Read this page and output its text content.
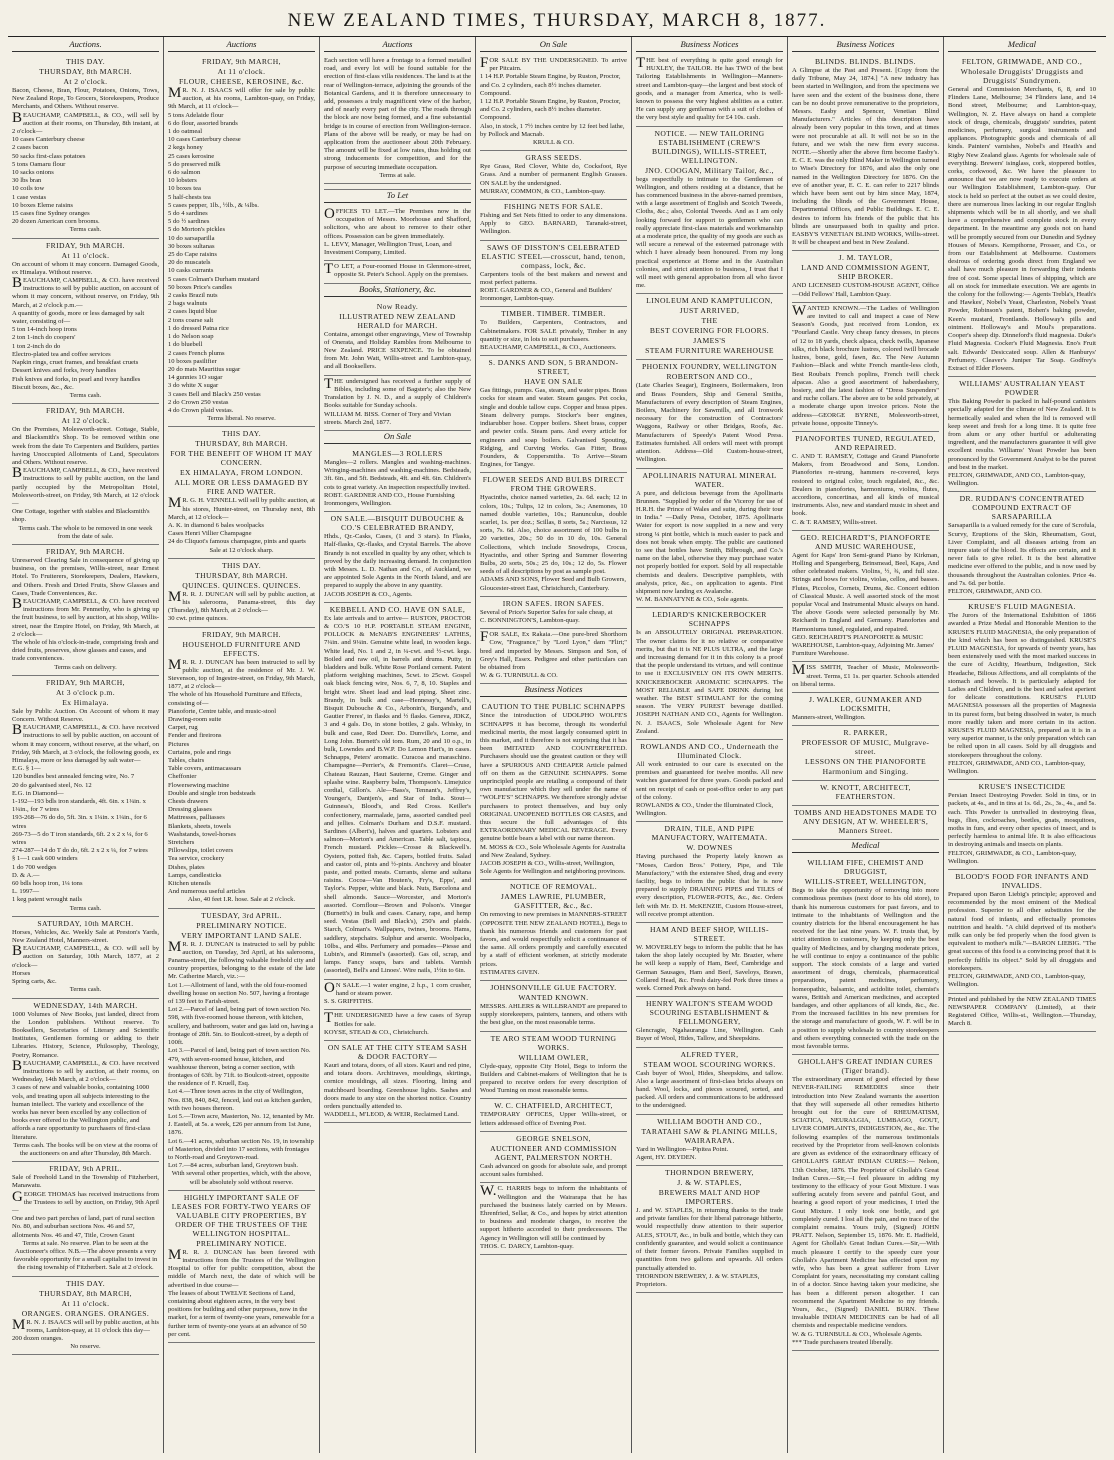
NEW ZEALAND TIMES, THURSDAY, MARCH 8, 1877.
Auctions.
THIS DAY.
THURSDAY, 8th MARCH.
At 2 o'clock.

Bacon, Cheese, Bran, Flour, Potatoes, Onions, Tows, New Zealand Rope, To Grocers, Storekeepers, Produce Merchants, and Others. Without reserve.

BEAUCHAMP, CAMPBELL, & CO., will sell by auction at their rooms, on Thursday, 8th instant, at 2 o'clock—

10 cases Canterbury cheese
2 cases bacon
50 sacks first-class potatoes
5 tons Oamaru flour
10 sacks onions
30 lbs bran
10 coils tow
1 case vestas
10 boxes Eleme raisins
15 cases fine Sydney oranges
20 dozen American corn brooms.
Terms cash.
FRIDAY, 9th MARCH.
At 11 o'clock.

On account of whom it may concern. Damaged Goods, ex Himalaya. Without reserve.

BEAUCHAMP, CAMPBELL, & CO. have received instructions to sell by public auction, on account of whom it may concern, without reserve, on Friday, 9th March, at 2 o'clock p.m.—

A quantity of goods, more or less damaged by salt water, consisting of—
5 ton 14-inch hoop irons
2 ton 1-inch do coopers'
1 ton 2-inch do do
Electro-plated tea and coffee services
Napkin rings, cruet frames, and breakfast cruets
Dessert knives and forks, ivory handles
Fish knives and forks, in pearl and ivory handles
Biscuit boxes, &c., &c.
Terms cash.
FRIDAY, 9th MARCH.
At 12 o'clock.

On the Premises, Molesworth-street. Cottage, Stable, and Blacksmith's Shop. To be removed within one week from the date To Carpenters and Builders, parties having Unoccupied Allotments of Land, Speculators and Others. Without reserve.

BEAUCHAMP, CAMPBELL, & CO., have received instructions to sell by public auction, on the land partly occupied by the Metropolitan Hotel, Molesworth-street, on Friday, 9th March, at 12 o'clock—

One Cottage, together with stables and Blacksmith's shop.
Terms cash. The whole to be removed in one week from the date of sale.
FRIDAY, 9th MARCH.

Unreserved Clearing Sale in consequence of giving up business, on the premises, Willis-street, near Ernest Hotel. To Fruiterers, Storekeepers, Dealers, Hawkers, and Others. Fresh and Dried Fruits, Show Glasses and Cases, Trade Conveniences, &c.

BEAUCHAMP, CAMPBELL, & CO. have received instructions from Mr. Penmethy, who is giving up the fruit business, to sell by auction, at his shop, Willis-street, near the Empire Hotel, on Friday, 9th March, at 2 o'clock—

The whole of his o'clock-in-trade, comprising fresh and dried fruits, preserves, show glasses and cases, and trade conveniences.
Terms cash on delivery.
FRIDAY, 9th MARCH,
At 3 o'clock p.m.
Ex Himalaya.

Sale by Public Auction. On Account of whom it may Concern. Without Reserve.

BEAUCHAMP, CAMPBELL, & CO. have received instructions to sell by public auction, on account of whom it may concern, without reserve, at the wharf, on Friday, 9th March, at 3 o'clock, the following goods, ex Himalaya, more or less damaged by salt water—

E.G. § 1—
120 bundles best annealed fencing wire, No. 7
20 do galvanised steel, No. 12
E.G. in Diamond—
1-192—193 bdls iron standards, 4ft. 6in. x 1¼in. x 1¼in., for 7 wires
193-268—76 do do, 5ft. 3in. x 1¼in. x 1¼in., for 6 wires
269-73—5 do T iron standards, 6ft. 2 x 2 x ¼, for 6 wires
274-287—14 do T do do, 6ft. 2 x 2 x ¼, for 7 wires
§ 1—1 cask 600 winders
1 do 700 wedges
D. & A.—
60 bdls hoop iron, 1¼ tons
L. 1997—
1 keg patent wrought nails
Terms cash.
SATURDAY, 10th MARCH.

Horses, Vehicles, &c. Weekly Sale at Preston's Yards, New Zealand Hotel, Manners-street.

BEAUCHAMP, CAMPBELL, & CO. will sell by auction on Saturday, 10th March, 1877, at 2 o'clock—

Horses
Spring carts, &c.
Terms cash.
WEDNESDAY, 14th MARCH.

1000 Volumes of New Books, just landed, direct from the London publishers. Without reserve. To Booksellers, Secretaries of Literary and Scientific Institutes, Gentlemen forming or adding to their Libraries. History, Science, Philosophy, Theology, Poetry, Romance.

BEAUCHAMP, CAMPBELL, & CO. have received instructions to sell by auction, at their rooms, on Wednesday, 14th March, at 2 o'clock—

3 cases of new and valuable books, containing 1000 vols, and treating upon all subjects interesting to the human intellect. The variety and excellence of the works has never been excelled by any collection of books ever offered to the Wellington public, and affords a rare opportunity to purchasers of first-class literature.
Terms cash. The books will be on view at the rooms of the auctioneers on and after Thursday, 8th March.
FRIDAY, 9th APRIL.

Sale of Freehold Land in the Township of Fitzherbert, Manawatu.

GEORGE THOMAS has received instructions from the Trustees to sell by auction, on Friday, 9th April—

One and two part perches of land, part of rural section No. 80, and suburban sections Nos. 46 and 57, allotments Nos. 46 and 47, Title, Crown Grant
Terms at sale. No reserve. Plan to be seen at the Auctioneer's office. N.B.—The above presents a very favorable opportunity for a small capitalist to invest in the rising township of Fitzherbert. Sale at 2 o'clock.
THIS DAY.
THURSDAY, 8th MARCH,
At 11 o'clock.
ORANGES. ORANGES. ORANGES.

MR. N. J. ISAACS will sell by public auction, at his rooms, Lambton-quay, at 11 o'clock this day—

200 dozen oranges.
No reserve.
Auctions
FRIDAY, 9th MARCH,
At 11 o'clock.
FLOUR, CHEESE, KEROSINE, &c.

MR. N. J. ISAACS will offer for sale by public auction, at his rooms, Lambton-quay, on Friday, 9th March, at 11 o'clock—

5 tons Adelaide flour
6 do flour, assorted brands
1 do oatmeal
10 cases Canterbury cheese
2 kegs honey
25 cases kerosine
5 do preserved milk
6 do salmon
10 lobsters
10 boxes tea
5 half-chests tea
5 cases pepper, 1lb., ½lb., & ¼lbs.
5 do 4 sardines
5 do ½ sardines
5 do Morton's pickles
10 do sarsaparilla
30 boxes sultanas
25 do Cape raisins
20 do muscatels
10 casks currants
5 cases Colman's Durham mustard
50 boxes Price's candles
2 casks Brazil nuts
2 bags walnuts
2 cases liquid blue
2 tons coarse salt
1 do dressed Patna rice
1 do Nelson soap
1 do bluebell
2 cases French plums
10 boxes pasilifier
20 do mats Mauritius sugar
14 gunnies 1O sugar
3 do white X sugar
3 cases Bell and Black's 250 vestas
2 do Crown 250 vestas
4 do Crown plaid vestas.
Terms liberal. No reserve.
THIS DAY.
THURSDAY, 8th MARCH.
FOR THE BENEFIT OF WHOM IT MAY CONCERN.
EX HIMALAYA, FROM LONDON.
ALL MORE OR LESS DAMAGED BY FIRE AND WATER.

MR. G. H. VENNELL will sell by public auction, at his stores, Hunter-street, on Thursday next, 8th March, at 12 o'clock—

A. K. in diamond 6 bales woolpacks
Cases Henri Villier Champagne
24 do Cliquot's famous champagne, pints and quarts
Sale at 12 o'clock sharp.
THIS DAY.
THURSDAY, 8th MARCH.
QUINCES. QUINCES. QUINCES.

MR. R. J. DUNCAN will sell by public auction, at his salerooms, Panama-street, this day (Thursday), 8th March, at 2 o'clock—

30 cwt. prime quinces.
FRIDAY, 9th MARCH.
HOUSEHOLD FURNITURE AND EFFECTS.

MR. R. J. DUNCAN has been instructed to sell by public auction, at the residence of Mr. J. W. Stevenson, top of Ingestre-street, on Friday, 9th March, 1877, at 2 o'clock—

The whole of his Household Furniture and Effects, consisting of—
Pianoforte, Centre table, and music-stool
Drawing-room suite
Carpet, rug
Fender and fireirons
Pictures
Curtains, pole and rings
Tables, chairs
Table covers, antimacassars
Cheffonier
Flowersewing machine
Double and single iron bedsteads
Chests drawers
Dressing glasses
Mattresses, palliasses
Blankets, sheets, towels
Washstands, towel-horses
Stretchers
Pillowslips, toilet covers
Tea service, crockery
Dishes, plates
Lamps, candlesticks
Kitchen utensils
And numerous useful articles
Also, 40 feet I.R. hose. Sale at 2 o'clock.
TUESDAY, 3rd APRIL.
PRELIMINARY NOTICE.
VERY IMPORTANT LAND SALE.

MR. R. J. DUNCAN is instructed to sell by public auction, on Tuesday, 3rd April, at his salerooms, Panama-street, the following valuable freehold city and country properties, belonging to the estate of the late Mr. Catherine March, viz.:—

Lot 1.—Allotment of land, with the old four-roomed dwelling house on section No. 507, having a frontage of 139 feet to Farish-street.
Lot 2.—Parcel of land, being part of town section No. 598, with five-roomed house thereon, with kitchen, scullery, and bathroom, water and gas laid on, having a frontage of 28ft. 5in. to Boulcott-street, by a depth of 100ft.
Lot 3.—Parcel of land, being part of town section No. 479, with seven-roomed house, kitchen, and washhouse thereon, being a corner section, with frontages of 63ft. by 71ft. to Boulcott-street, opposite the residence of F. Kruell, Esq.
Lot 4.—Three town acres in the city of Wellington, Nos. 838, 840, 842, fenced, laid out as kitchen garden, with two houses thereon.
Lot 5.—Town acre, Masterton, No. 12, tenanted by Mr. J. Eastell, at 5s. a week, £26 per annum from 1st June, 1876.
Lot 6.—41 acres, suburban section No. 19, in township of Masterton, divided into 17 sections, with frontages to North-road and Greytown-road.
Lot 7.—84 acres, suburban land, Greytown bush.
With several other properties, which, with the above, will be absolutely sold without reserve.
HIGHLY IMPORTANT SALE OF LEASES FOR FORTY-TWO YEARS OF VALUABLE CITY PROPERTIES, BY ORDER OF THE TRUSTEES OF THE WELLINGTON HOSPITAL.
PRELIMINARY NOTICE.

MR. R. J. DUNCAN has been favored with instructions from the Trustees of the Wellington Hospital to offer for public competition, about the middle of March next, the date of which will be advertised in due course—

The leases of about TWELVE Sections of Land, containing about eighteen acres, in the very best positions for building and other purposes, now in the market, for a term of twenty-one years, renewable for a further term of twenty-one years at an advance of 50 per cent.
Auctions

Each section will have a frontage to a formed metalled road, and every lot will be found suitable for the erection of first-class villa residences. The land is at the rear of Wellington-terrace, adjoining the grounds of the Botanical Gardens, and it is therefore unnecessary to add, possesses a truly magnificent view of the harbor, and of nearly every part of the city. The roads through the block are now being formed, and a fine substantial bridge is in course of erection from Wellington-terrace. Plans of the above will be ready, or may be had on application from the auctioneer about 20th February. The amount will be fixed at low rates, thus holding out strong inducements for competition, and for the purpose of securing immediate occupation.

Terms at sale.
To Let

OFFICES TO LET.—The Premises now in the occupation of Messrs. Moorhouse and Shafford, solicitors, who are about to remove to their other offices. Possession can be given immediately.

L. LEVY, Manager, Wellington Trust, Loan, and Investment Company, Limited.

TO LET, a Four-roomed House in Glenmore-street, opposite St. Peter's School. Apply on the premises.

Books, Stationery, &c.
Now Ready.
ILLUSTRATED NEW ZEALAND HERALD for MARCH.

Contains, amongst other engravings, View of Township of Onerata, and Holiday Rambles from Melbourne to New Zealand. PRICE SIXPENCE. To be obtained from Mr. John Watt, Willis-street and Lambton-quay, and all Booksellers.

THE undersigned has received a further supply of Bibles, including some of Bagster's; also the New Translation by J. N. D., and a supply of Children's Books suitable for Sunday schools.

WILLIAM M. BISS. Corner of Tory and Vivian streets. March 2nd, 1877.
On Sale
MANGLES—3 ROLLERS

Mangles—2 rollers. Mangles and washing-machines. Wringing-machines and washing-machines. Bedsteads, 3ft. 6in., and 5ft. Bedsteads, 4ft. and 4ft. 6in. Children's cots to great variety. An inspection respectfully invited.

ROBT. GARDNER AND CO., House Furnishing Ironmongers, Wellington.
ON SALE.—BISQUIT DUBOUCHE & CO.'S CELEBRATED BRANDY,

Hhds., Qr.-Casks, Cases, (1 and 3 stars). In Flasks, Half-flasks, Qr.-flasks, and Crystal Barrels. The above Brandy is not excelled in quality by any other, which is proved by the daily increasing demand. In conjunction with Messrs. L. D. Nathan and Co., of Auckland, we are appointed Sole Agents in the North Island, and are prepared to supply the above in any quantity.

JACOB JOSEPH & CO., Agents.
KEBBELL AND CO. HAVE ON SALE,

Ex late arrivals and to arrive— RUSTON, PROCTOR & CO.'S 10 H.P. PORTABLE STEAM ENGINE, POLLOCK & McNAB'S ENGINEERS' LATHES, 7¼in. and 9¼in. Genuine white lead, in wooden kegs. White lead, No. 1 and 2, in ¼-cwt. and ½-cwt. kegs. Boiled and raw oil, in barrels and drums. Putty, in bladders and bulk. White Rose Portland cement. Patent platform weighing machines, 5cwt. to 25cwt. Gospel oak black fencing wire, Nos. 6, 7, 8, 10. Staples and bright wire. Sheet lead and lead piping. Sheet zinc. Brandy, in bulk and case—Hennessy's, Martell's, Bisquit Dubouche & Co., Arbonin's, Burgand's, and Gautier Freres', in flasks and ½ flasks. Geneva, JDKZ, 3 and 4 gals. Do, in stone bottles, 2 gals. Whisky, in bulk and case, Red Deer. Do. Dunville's, Lorne, and Long John. Burnett's old tom. Rum, 20 and 10 o.p., in bulk, Lowndes and B.W.P. Do Lemon Hart's, in cases. Schnapps, Peters' aromatic. Curacoa and maraschino. Champagne—Perrier's, & Fremonti's. Claret—Cruse, Chateau Rauzan, Haut Sauterne, Creme. Ginger and splashe wine. Raspberry balm, Thompson's. Limejuice cordial, Gillon's. Ale—Bass's, Tennant's, Jeffrey's, Younger's, Dantjen's, and Star of India. Stout—Guinness's, Blood's, and Red Cross. Keiller's confectionery, marmalade, jams, assorted candied peel and jellies. Colman's Durham and D.S.F. mustard. Sardines (Albert's), halves and quarters. Lobsters and salmon—Morton's and American. Table salt, tapioca, French mustard. Pickles—Crosse & Blackwell's. Oysters, potted fish, &c. Capers, bottled fruits. Salad and castor oil, pints and ½-pints. Anchovy and bloater paste, and potted meats. Currants, sleme and sultana raisins. Cocoa—Van Houten's, Fry's, Epps', and Taylor's. Pepper, white and black. Nuts, Barcelona and shell almonds. Sauce—Worcester, and Morton's assorted. Cornflour—Brown and Polson's. Vinegar (Burnett's) in bulk and cases. Canary, rape, and hemp seed. Vestas (Bell and Black's), 250's and plaids. Starch, Colman's. Wallpapers, twines, brooms. Hams, saddlery, stepchairs. Sulphur and arsenic. Woolpacks, 10lbs., and 4lbs. Perfumery and pomades—Piesse and Lubin's, and Rimmel's (assorted). Gas oil, scrap, and lamps. Fancy soaps, bars and tablets. Varnish (assorted), Bell's and Linoes'. Wire nails, 1½in to 6in.

ON SALE.—1 water engine, 2 h.p., 1 corn crusher, hand or steam power.

S. S. GRIFFITHS.

THE UNDERSIGNED have a few cases of Syrup Bottles for sale.

KOYSE, STEAD & CO., Christchurch.
ON SALE AT THE CITY STEAM SASH & DOOR FACTORY—

Kauri and totara, doors, of all sizes. Kauri and red pine, and totara doors. Architraves, mouldings, skirtings, cornice mouldings, all sizes. Flooring, lining and matchboard boarding. Greenhouse lights. Sashes and doors made to any size on the shortest notice. Country orders punctually attended to.

WADDELL, M'LEOD, & WEIR, Reclaimed Land.
On Sale

FOR SALE BY THE UNDERSIGNED. To arrive per Pitcairn.

1 14 H.P. Portable Steam Engine, by Ruston, Proctor, and Co. 2 cylinders, each 8½ inches diameter. Compound.
1 12 H.P. Portable Steam Engine, by Ruston, Proctor, and Co. 2 cylinders, each 8½ inches diameter. Compound.
Also, in stock, 1 7½ inches centre by 12 feet bed lathe, by Pollock and Macnab.
KRULL & CO.
GRASS SEEDS.

Rye Grass, Red Clover, White do, Cocksfoot, Rye Grass. And a number of permanent English Grasses. ON SALE by the undersigned.

MURRAY, COMMON, & CO., Lambton-quay.
FISHING NETS FOR SALE.

Fishing and Set Nets fitted to order to any dimensions. Apply to GEO. BARNARD, Taranaki-street, Wellington.

SAWS OF DISSTON'S CELEBRATED ELASTIC STEEL—crosscut, hand, tenon, compass, lock, &c.

Carpenters tools of the best makers and newest and most perfect patterns.

ROBT. GARDNER & CO., General and Builders' Ironmonger, Lambton-quay.
TIMBER. TIMBER. TIMBER.

To Builders, Carpenters, Contractors, and Cabinetmakers. FOR SALE privately, Timber in any quantity or size, in lots to suit purchasers.

BEAUCHAMP, CAMPBELL, & CO., Auctioneers.
S. DANKS AND SON, 5 BRANDON-STREET,
HAVE ON SALE

Gas fittings, pumps. Gas, steam, and water pipes. Brass cocks for steam and water. Steam gauges. Pet cocks, single and double tallow cups. Copper and brass pipes. Steam delivery pumps. Stocker's beer engines, indiarubber hose. Copper boilers. Sheet brass, copper and pewter coils. Steam pans. And every article for engineers and soap boilers. Galvanised Spouting, Ridging, and Curving Works. Gas Fitter, Brass Founders, & Coppersmiths. To Arrive—Steam Engines, for Tangye.

FLOWER SEEDS AND BULBS DIRECT FROM THE GROWERS.

Hyacinths, choice named varieties, 2s. 6d. each; 12 in colors, 10s.; Tulips, 12 in colors, 3s.; Anemones, 10 named double varieties, 10s.; Ranunculus, double scarlet, 1s. per doz.; Scillas, 8 sorts, 5s.; Narcissus, 12 sorts, 7s. 6d. Also, choice assortment of 100 bulbs in 20 varieties, 20s.; 50 do in 10 do, 10s. General Collections, which include Snowdrops, Crocus, Hyacinths, and other Spring and Summer flowering Bulbs, 20 sorts, 50s.; 25 do, 10s.; 12 do, 5s. Flower seeds of all descriptions by post as sample post.

ADAMS AND SONS, Flower Seed and Bulb Growers, Gloucester-street East, Christchurch, Canterbury.
IRON SAFES. IRON SAFES.

Several of Price's Superior Safes for sale cheap, at

C. BONNINGTON'S, Lambton-quay.

FOR SALE, Ex Rakaia.—One pure-bred Shorthorn Cow, "Fragrance," by "Lord Lyon," dam "Flirt;" bred and imported by Messrs. Simpson and Son, of Grey's Hall, Essex. Pedigree and other particulars can be obtained from

W. & G. TURNBULL & CO.
Business Notices
CAUTION TO THE PUBLIC SCHNAPPS

Since the introduction of UDOLPHO WOLFE'S SCHNAPPS it has become, through its wonderful medicinal merits, the most largely consumed spirit in this market, and it therefore is not surprising that it has been IMITATED AND COUNTERFEITED. Purchasers should use the greatest caution or they will have a SPURIOUS AND CHEAPER Article palmed off on them as the GENUINE SCHNAPPS. Some unprincipled people are retailing a compound of their own manufacture which they sell under the name of "WOLFE'S" SCHNAPPS. We therefore strongly advise purchasers to protect themselves, and buy only ORIGINAL UNOPENED BOTTLES OR CASES, and thus secure the full advantages of this EXTRAORDINARY MEDICAL BEVERAGE. Every genuine bottle bears a label with our name thereon.

M. MOSS & CO., Sole Wholesale Agents for Australia and New Zealand, Sydney.
JACOB JOSEPH & CO., Willis-street, Wellington, Sole Agents for Wellington and neighboring provinces.
NOTICE OF REMOVAL.
JAMES LAWRIE, PLUMBER, GASFITTER, &c., &c.

On removing to new premises in MANNERS-STREET (OPPOSITE THE NEW ZEALAND HOTEL), Begs to thank his numerous friends and customers for past favors, and would respectfully solicit a continuance of the same. All orders promptly and carefully executed by a staff of efficient workmen, at strictly moderate prices.

ESTIMATES GIVEN.
JOHNSONVILLE GLUE FACTORY.
WANTED KNOWN.

MESSRS. AHLERS & WILLBRANDT are prepared to supply storekeepers, painters, tanners, and others with the best glue, on the most reasonable terms.

TE ARO STEAM WOOD TURNING WORKS.
WILLIAM OWLER,

Clyde-quay, opposite City Hotel, Begs to inform the Builders and Cabinet-makers of Wellington that he is prepared to receive orders for every description of Wood Turning on most reasonable terms.

W. C. CHATFIELD, ARCHITECT,

TEMPORARY OFFICES, Upper Willis-street, or letters addressed office of Evening Post.

GEORGE SNELSON,
AUCTIONEER AND COMMISSION AGENT, PALMERSTON NORTH.

Cash advanced on goods for absolute sale, and prompt account sales furnished.

W.C. HARRIS begs to inform the inhabitants of Wellington and the Wairarapa that he has purchased the business lately carried on by Messrs. Ehrenfried, Sellar, & Co., and hopes by strict attention to business and moderate charges, to receive the support hitherto accorded to their predecessors. The Agency in Wellington will still be continued by

THOS. C. DARCY, Lambton-quay.
Business Notices

THE best of everything is quite good enough for HUXLEY, the TAILOR. He has TWO of the best Tailoring Establishments in Wellington—Manners-street and Lambton-quay—the largest and best stock of goods, and a manager from America, who is well-known to possess the very highest abilities as a cutter. He can supply any gentleman with a suit of clothes of the very best style and quality for £4 10s. cash.

NOTICE. — NEW TAILORING ESTABLISHMENT (CREW'S BUILDINGS), WILLIS-STREET, WELLINGTON.
JNO. COOGAN, Military Tailor, &c.,

begs respectfully to intimate to the Gentlemen of Wellington, and others residing at a distance, that he has commenced business in the above-named premises, with a large assortment of English and Scotch Tweeds, Cloths, &c.; also, Colonial Tweeds. And as I am only looking forward for support to gentlemen who can really appreciate first-class materials and workmanship at a moderate price, the quality of my goods are such as will secure a renewal of the esteemed patronage with which I have already been honoured. From my long practical experience at Home and in the Australian colonies, and strict attention to business, I trust that I will meet with general approbation from all who favor me.

LINOLEUM AND KAMPTULICON,
JUST ARRIVED,
THE
BEST COVERING FOR FLOORS.
JAMES'S
STEAM FURNITURE WAREHOUSE
PHOENIX FOUNDRY, WELLINGTON
ROBERTSON AND CO.,

(Late Charles Seagar), Engineers, Boilermakers, Iron and Brass Founders, Ship and General Smiths, Manufacturers of every description of Steam Engines, Boilers, Machinery for Sawmills, and all Ironwork necessary for the construction of Contractors' Waggons, Railway or other Bridges, Roofs, &c. Manufacturers of Speedy's Patent Wood Press. Estimates furnished. All orders will meet with prompt attention. Address—Old Custom-house-street, Wellington.

APOLLINARIS NATURAL MINERAL WATER.

A pure, and delicious beverage from the Apollinaris Brunnen. "Supplied by order of the Viceroy for use of H.R.H. the Prince of Wales and suite, during their tour in India." —Daily Press, October, 1875. Apollinaris Water for export is now supplied in a new and very strong ¼ pint bottle, which is much easier to pack and does not break when empty. The public are cautioned to see that bottles have Smith, Bilbrough, and Co.'s name on the label, otherwise they may purchase water not properly bottled for export. Sold by all respectable chemists and dealers. Descriptive pamphlets, with analysis, price, &c., on application to agents. First shipment now landing ex Avalanche.

W. M. BANNATYNE & CO., Sole agents.
LEDIARD'S KNICKERBOCKER SCHNAPPS

Is an ABSOLUTELY ORIGINAL PREPARATION. The owner claims for it no relative or comparative merits, but that it is NE PLUS ULTRA, and the large and increasing demand for it in this colony is a proof that the people understand its virtues, and will continue to use it EXCLUSIVELY ON ITS OWN MERITS. KNICKERBOCKER AROMATIC SCHNAPPS. The MOST RELIABLE and SAFE DRINK during hot weather. The BEST STIMULANT for the coming season. The VERY PUREST beverage distilled. JOSEPH NATHAN AND CO., Agents for Wellington. N. J. ISAACS, Sole Wholesale Agent for New Zealand.

ROWLANDS AND CO., Underneath the Illuminated Clock.

All work entrusted to our care is executed on the premises and guaranteed for twelve months. All new watches guaranteed for three years. Goods packed and sent on receipt of cash or post-office order to any part of the colony.

ROWLANDS & CO., Under the Illuminated Clock, Wellington.
DRAIN, TILE, AND PIPE MANUFACTORY, WAITEMATA.
W. DOWNES

Having purchased the Property lately known as "Moses, Cardon Bros.' Pottery, Pipe, and Tile Manufactory," with the extensive Shed, drag and every facility, begs to inform the public that he is now prepared to supply DRAINING PIPES and TILES of every description, FLOWER-POTS, &c., &c. Orders left with Mr. D. H. McKENZIE, Custom House-street, will receive prompt attention.

HAM AND BEEF SHOP, WILLIS-STREET.

W. MOVERLEY begs to inform the public that he has taken the shop lately occupied by Mr. Brazier, where he will keep a supply of Ham, Beef, Cambridge and German Sausages, Ham and Beef, Saveloys, Brawn, Collared Head, &c. Fresh dairy-fed Pork three times a week. Corned Pork always on hand.

HENRY WALTON'S STEAM WOOD SCOURING ESTABLISHMENT & FELLMONGERY,

Glencragie, Ngahauranga Line, Wellington. Cash Buyer of Wool, Hides, Tallow, and Sheepskins.

ALFRED TYER,
STEAM WOOL SCOURING WORKS.

Cash buyer of Wool, Hides, Sheepskins, and tallow. Also a large assortment of first-class bricks always on hand. Wool, locks, and pieces scoured, sorted, and packed. All orders and communications to be addressed to the undersigned.

WILLIAM BOOTH AND CO.,
TARATAHI SAW & PLANING MILLS, WAIRARAPA.

Yard in Wellington—Pipitea Point.

Agent, HY. DEYDEN.
THORNDON BREWERY,
J. & W. STAPLES,
BREWERS MALT AND HOP IMPORTERS.

J. and W. STAPLES, in returning thanks to the trade and private families for their liberal patronage hitherto, would respectfully draw attention to their superior ALES, STOUT, &c., in bulk and bottle, which they can confidently guarantee, and would solicit a continuance of their former favors. Private Families supplied in quantities from two gallons and upwards. All orders punctually attended to.

THORNDON BREWERY, J. & W. STAPLES, Proprietors.
Business Notices
BLINDS. BLINDS. BLINDS.

A Glimpse at the Past and Present. [Copy from the daily Tribune, May 24, 1874.] "A new industry has been started in Wellington, and from the specimens we have seen and the extent of the business done, there can be no doubt prove remunerative to the proprietors, Messrs. Easby and Spencer, Venetian Blind Manufacturers." Articles of this description have already been very popular in this town, and at times were not procurable at all. It will not be so in the future, and we wish the new firm every success. NOTE.—Shortly after the above firm become Easby's. E. C. E. was the only Blind Maker in Wellington turned to Wise's Directory for 1876, and also the only one named in the Wellington Directory for 1876. On the eve of another year, E. C. E. can refer to 2217 blinds which have been sent out by him since May, 1874, including the blinds of the Government House, Departmental Offices, and Public Buildings. E. C. E. desires to inform his friends of the public that his blinds are unsurpassed both in quality and price. EASBY'S VENETIAN BLIND WORKS, Willis-street. It will be cheapest and best in New Zealand.

J. M. TAYLOR,
LAND AND COMMISSION AGENT, SHIP BROKER.

AND LICENSED CUSTOM-HOUSE AGENT, Office—Odd Fellows' Hall, Lambton Quay.

WANTED KNOWN.—The Ladies of Wellington are invited to call and inspect a case of New Season's Goods, just received from London, ex "Pourland Castle. Very cheap fancy dresses, in pieces of 12 to 18 yards, check alpaca, check twills, Japanese silks, rich black brochure lustres, colored twill brocade lustres, bone, gold, fawn, &c. The New Autumn Fashion—Black and white French mantle-less cloth, Best Roubaix French poplins, French twill check alpacas. Also a good assortment of haberdashery, hosiery, and the latest fashion of "Dress Suspenders" and ruche collars. The above are to be sold privately, at a moderate charge upon invoice prices. Note the address—GEORGE BYRNE, Molesworth-street, private house, opposite Tinney's.

PIANOFORTES TUNED, REGULATED, AND REPAIRED.

C. AND T. RAMSEY, Cottage and Grand Pianoforte Makers, from Broadwood and Sons, London. Pianofortes re-strung, hammers re-covered, keys restored to original color, touch regulated, &c., &c. Dealers in pianofortes, harmoniums, violins, flutes, accordions, concertinas, and all kinds of musical instruments. Also, new and standard music in sheet and book.

C. & T. RAMSEY, Willis-street.
GEO. REICHARDT'S, PIANOFORTE AND MUSIC WAREHOUSE,

Agent for Kaps' Iron Semi-grand Piano by Kirkman, Holling and Spangerberg, Brinsmead, Beel, Kaps, And other celebrated makers. Violins, ½, ¾, and full size. Strings and bows for violins, violas, cellos, and basses. Flutes, Piccolos, Cornets, Drums, &c. Concert edition of Classical Music. A well assorted stock of the most popular Vocal and Instrumental Music always on hand. The above Goods were selected personally by Mr. Reichardt in England and Germany. Pianofortes and Harmoniums tuned, regulated, and repaired.

GEO. REICHARDT'S PIANOFORTE & MUSIC WAREHOUSE, Lambton-quay, Adjoining Mr. James' Furniture Warehouse.

MISS SMITH, Teacher of Music, Molesworth-street. Terms, £1 1s. per quarter. Schools attended on liberal terms.

J. WALKER, GUNMAKER AND LOCKSMITH,

Manners-street, Wellington.

R. PARKER,
PROFESSOR OF MUSIC, Mulgrave-street.
LESSONS ON THE PIANOFORTE
Harmonium and Singing.
W. KNOTT, ARCHITECT, FEATHERSTON.
TOMBS AND HEADSTONES MADE TO ANY DESIGN, AT W. WHEELER'S, Manners Street.
Medical
WILLIAM FIFE, CHEMIST AND DRUGGIST,
WILLIS-STREET, WELLINGTON,

Begs to take the opportunity of removing into more commodious premises (next door to his old store), to thank his numerous customers for past favors, and to intimate to the inhabitants of Wellington and the country districts for the liberal encouragement he has received for the last nine years. W. F. trusts that, by strict attention to customers, by keeping only the best quality of Medicines, and by charging moderate prices, he will continue to enjoy a continuance of the public support. The stock consists of a large and varied assortment of drugs, chemicals, pharmaceutical preparations, patent medicines, perfumery, homeopathic, balsamic, and acidolite toilet, chemist's wares, British and American medicines, and accepted bandages, and other appliances of all kinds, &c., &c. From the increased facilities in his new premises for the storage and manufacture of goods, W. F. will be in a position to supply wholesale to country storekeepers and others everything connected with the trade on the most favorable terms.

GHOLLAH'S GREAT INDIAN CURES (Tiger brand).

The extraordinary amount of good effected by these NEVER-FAILING REMEDIES since their introduction into New Zealand warrants the assertion that they will supersede all other remedies hitherto brought out for the cure of RHEUMATISM, SCIATICA, NEURALGIA, LUMBAGO, GOUT, LIVER COMPLAINTS, INDIGESTION, &c., &c. The following examples of the numerous testimonials received by the Proprietor from well-known colonists are given as evidence of the extraordinary efficacy of GHOLLAH'S GREAT INDIAN CURES:— Nelson, 13th October, 1876. The Proprietor of Ghollah's Great Indian Cures.—Sir,—I feel pleasure in adding my testimony to the efficacy of your Gout Mixture. I was suffering acutely from severe and painful Gout, and hearing a good report of your medicines, I tried the Gout Mixture. I only took one bottle, and got completely cured. I lost all the pain, and no trace of the complaint remains. Yours truly, (Signed) JOHN PRATT. Nelson, September 15, 1876. Mr. E. Hadfield, Agent for Ghollah's Great Indian Cures.—Sir,—With much pleasure I certify to the speedy cure your Ghollah's Apartment Medicine has effected upon my wife, who has been a great sufferer from Liver Complaint for years, necessitating my constant calling in of a doctor. Since having taken your medicine, she has been a different person altogether. I can recommend the Apartment Medicine to my friends. Yours, &c., (Signed) DANIEL BURN. These invaluable INDIAN MEDICINES can be had of all chemists and respectable medicine vendors.

W. & G. TURNBULL & CO., Wholesale Agents.
*** Trade purchasers treated liberally.
Medical
FELTON, GRIMWADE, AND CO.,
Wholesale Druggists' Druggists and Druggists' Sundrymen.

General and Commission Merchants, 6, 8, and 10 Flinders Lane, Melbourne; 34 Flinders lane, and 14 Bond street, Melbourne; and Lambton-quay, Wellington, N. Z. Have always on hand a complete stock of drugs, chemicals, druggists' sundries, patent medicines, perfumery, surgical instruments and appliances. Photographic goods and chemicals of all kinds. Painters' varnishes, Nobel's and Heath's and Rigby New Zealand glass. Agents for wholesale sale of everything. Brewers' isinglass, cork, stoppered bottles, corks, corkwood, &c. We have the pleasure to announce that we are now ready to execute orders at our Wellington Establishment, Lambton-quay. Our stock is held so perfect at the outset as we could desire, there are numerous lines lacking in our regular English shipments which will be in all shortly, and we shall have a comprehensive and complete stock in every department. In the meantime any goods not on hand will be promptly secured from our Dunedin and Sydney Houses of Messrs. Kempthorne, Prosser, and Co., or from our Establishment at Melbourne. Customers desirous of ordering goods direct from England we shall have much pleasure in forwarding their indents free of cost. Some special lines of shipping, which are all on stock for immediate execution. We are agents in the colony for the following:— Agents Trebla's, Heath's and Hawkes', Nobel's Yeast, Charleston, Nobel's Yeast Powder, Robinson's patent, Bohen's baking powder, Keen's mustard, Frontlands. Holloway's pills and ointment. Holloway's and Moul's preparations. Cooper's sheep dip. Dinneford's fluid magnesia. Duke's Fluid Magnesia. Cocker's Fluid Magnesia. Eno's Fruit salt. Edwards' Desiccated soup. Allen & Hanburys' Perfumery. Cleaver's Juniper Tar Soap. Godfrey's Extract of Elder Flowers.

WILLIAMS' AUSTRALIAN YEAST POWDER

This Baking Powder is packed in half-pound canisters specially adapted for the climate of New Zealand. It is hermetically sealed and when the lid is removed will keep sweet and fresh for a long time. It is quite free from alum or any other hurtful or adulterating ingredient, and the manufacturers guarantee it will give excellent results. Williams' Yeast Powder has been pronounced by the Government Analyst to be the purest and best in the market.

FELTON, GRIMWADE, AND CO., Lambton-quay, Wellington.
DR. RUDDAN'S CONCENTRATED COMPOUND EXTRACT OF SARSAPARILLA

Sarsaparilla is a valued remedy for the cure of Scrofula, Scurvy, Eruptions of the Skin, Rheumatism, Gout, Liver Complaint, and all diseases arising from an impure state of the blood. Its effects are certain, and it never fails to give relief. It is the best alterative medicine ever offered to the public, and is now used by thousands throughout the Australian colonies. Price 4s. and 7s. 6d. per bottle.

FELTON, GRIMWADE, AND CO.
KRUSE'S FLUID MAGNESIA.

The Jurors of the International Exhibition of 1866 awarded a Prize Medal and Honorable Mention to the KRUSE'S FLUID MAGNESIA, the only preparation of the kind which has been so distinguished. KRUSE'S FLUID MAGNESIA, for upwards of twenty years, has been extensively used with the most marked success in the cure of Acidity, Heartburn, Indigestion, Sick Headache, Bilious Affections, and all complaints of the stomach and bowels. It is particularly adapted for Ladies and Children, and is the best and safest aperient for delicate constitutions. KRUSE'S FLUID MAGNESIA possesses all the properties of Magnesia in its purest form, but being dissolved in water, is much more readily taken and more certain in its action. KRUSE'S FLUID MAGNESIA, prepared as it is in a very superior manner, is the only preparation which can be relied upon in all cases. Sold by all druggists and storekeepers throughout the colony.

FELTON, GRIMWADE, AND CO., Lambton-quay, Wellington.
KRUSE'S INSECTICIDE

Persian Insect Destroying Powder. Sold in tins, or in packets, at 4s., and in tins at 1s. 6d., 2s., 3s., 4s., and 5s. each. This Powder is unrivalled in destroying fleas, bugs, flies, cockroaches, beetles, gnats, mosquitoes, moths in furs, and every other species of insect, and is perfectly harmless to animal life. It is also efficacious in destroying animals and insects on plants.

FELTON, GRIMWADE, & CO., Lambton-quay, Wellington.
BLOOD'S FOOD FOR INFANTS AND INVALIDS.

Prepared upon Baron Liebig's principle; approved and recommended by the most eminent of the Medical profession. Superior to all other substitutes for the natural food of infants, and effectually promotes nutrition and health. "A child deprived of its mother's milk can only be fed properly when the food given is equivalent to mother's milk."—BARON LIEBIG. "The great success of this food is a convincing proof that it is perfectly fulfils its object." Sold by all druggists and storekeepers.

FELTON, GRIMWADE, AND CO., Lambton-quay, Wellington.

Printed and published by the NEW ZEALAND TIMES NEWSPAPER COMPANY (Limited), at their Registered Office, Willis-st., Wellington.—Thursday, March 8.
